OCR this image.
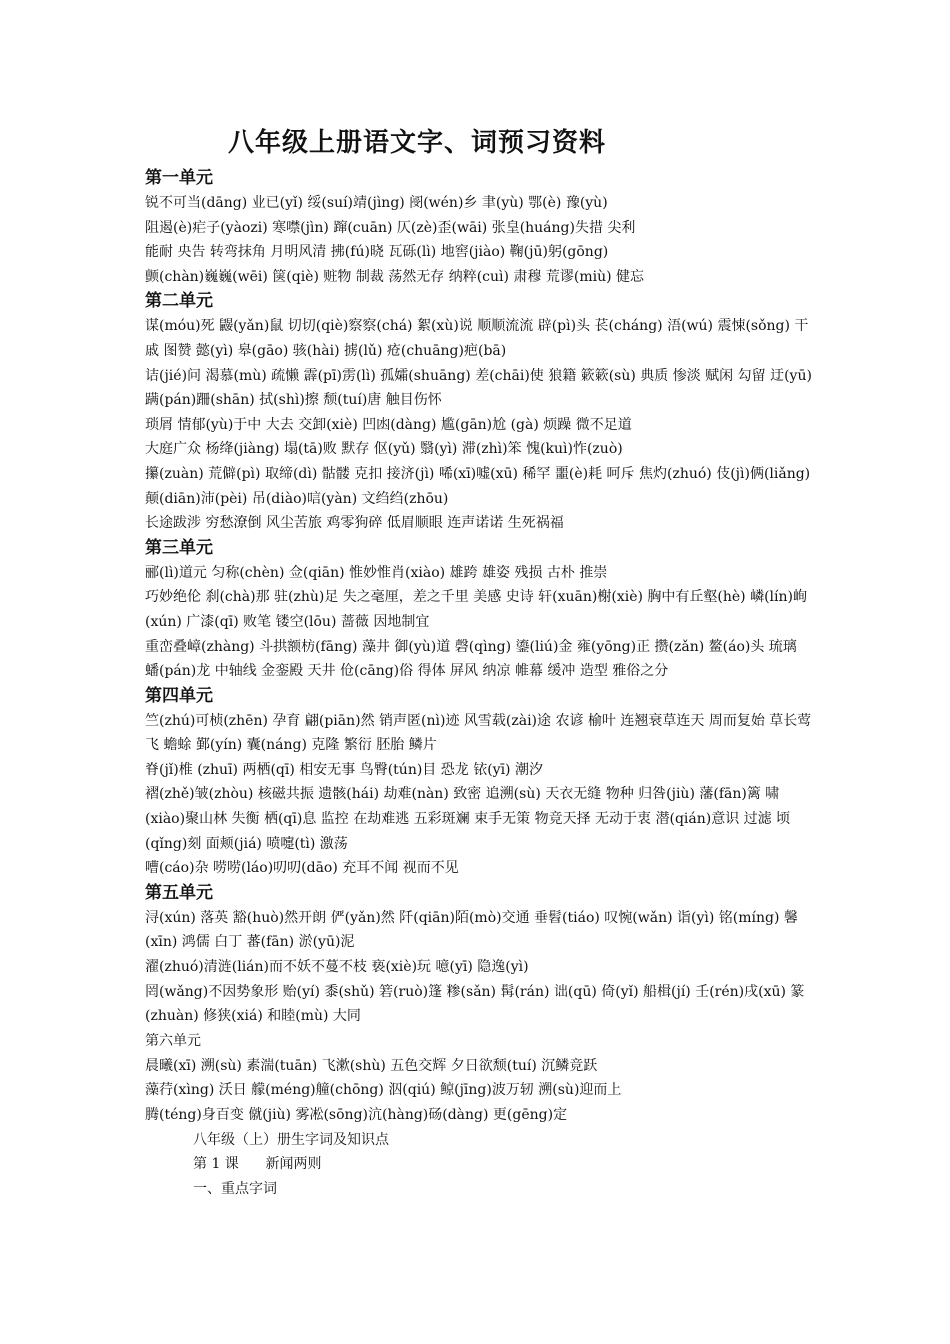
八年级上册语文字、词预习资料
第一单元
锐不可当(dāng) 业已(yǐ) 绥(suí)靖(jìng) 阌(wén)乡 聿(yù) 鄂(è) 豫(yù)
阻遏(è)疟子(yàozi) 寒噤(jìn) 蹿(cuān) 仄(zè)歪(wāi) 张皇(huáng)失措 尖利
能耐 央告 转弯抹角 月明风清 拂(fú)晓 瓦砾(lì) 地窖(jiào) 鞠(jū)躬(gōng)
颤(chàn)巍巍(wēi) 箧(qiè) 赃物 制裁 荡然无存 纳粹(cuì) 肃穆 荒谬(miù) 健忘
第二单元
谋(móu)死 鼹(yǎn)鼠 切切(qiè)察察(chá) 絮(xù)说 顺顺流流 辟(pì)头 苌(cháng) 浯(wú) 震悚(sǒng) 干戚 图赞 懿(yì) 皋(gāo) 骇(hài) 掳(lǔ) 疮(chuāng)疤(bā)
诘(jié)问 渴慕(mù) 疏懒 霹(pī)雳(lì) 孤孀(shuāng) 差(chāi)使 狼籍 簌簌(sù) 典质 惨淡 赋闲 勾留 迂(yū) 蹒(pán)跚(shān) 拭(shì)擦 颓(tuí)唐 触目伤怀
琐屑 情郁(yù)于中 大去 交卸(xiè) 凹凼(dàng) 尴(gān)尬 (gà) 烦躁 微不足道
大庭广众 杨绛(jiàng) 塌(tā)败 默存 伛(yǔ) 翳(yì) 滞(zhì)笨 愧(kuì)怍(zuò)
攥(zuàn) 荒僻(pì) 取缔(dì) 骷髅 克扣 接济(jì) 唏(xī)嘘(xū) 稀罕 噩(è)耗 呵斥 焦灼(zhuó) 伎(jì)俩(liǎng) 颠(diān)沛(pèi) 吊(diào)唁(yàn) 文绉绉(zhōu)
长途跋涉 穷愁潦倒 风尘苦旅 鸡零狗碎 低眉顺眼 连声诺诺 生死祸福
第三单元
郦(lì)道元 匀称(chèn) 佥(qiān) 惟妙惟肖(xiào) 雄跨 雄姿 残损 古朴 推崇
巧妙绝伦 刹(chà)那 驻(zhù)足 失之毫厘，差之千里 美感 史诗 轩(xuān)榭(xiè) 胸中有丘壑(hè) 嶙(lín)峋(xún) 广漆(qī) 败笔 镂空(lōu) 蔷薇 因地制宜
重峦叠嶂(zhàng) 斗拱额枋(fāng) 藻井 御(yù)道 磬(qìng) 鎏(liú)金 雍(yōng)正 攒(zǎn) 鳌(áo)头 琉璃 蟠(pán)龙 中轴线 金銮殿 天井 伧(cāng)俗 得体 屏风 纳凉 帷幕 缓冲 造型 雅俗之分
第四单元
竺(zhú)可桢(zhēn) 孕育 翩(piān)然 销声匿(nì)迹 风雪载(zài)途 农谚 榆叶 连翘衰草连天 周而复始 草长莺飞 蟾蜍 鄞(yín) 囊(náng) 克隆 繁衍 胚胎 鳞片
脊(jǐ)椎 (zhuī) 两栖(qī) 相安无事 鸟臀(tún)目 恐龙 铱(yī) 潮汐
褶(zhě)皱(zhòu) 核磁共振 遗骸(hái) 劫难(nàn) 致密 追溯(sù) 天衣无缝 物种 归咎(jiù) 藩(fān)篱 啸 (xiào)聚山林 失衡 栖(qī)息 监控 在劫难逃 五彩斑斓 束手无策 物竞天择 无动于衷 潜(qián)意识 过滤 顷(qǐng)刻 面颊(jiá) 喷嚏(tì) 激荡
嘈(cáo)杂 唠唠(láo)叨叨(dāo) 充耳不闻 视而不见
第五单元
浔(xún) 落英 豁(huò)然开朗 俨(yǎn)然 阡(qiān)陌(mò)交通 垂髫(tiáo) 叹惋(wǎn) 诣(yì) 铭(míng) 馨(xīn) 鸿儒 白丁 蕃(fān) 淤(yū)泥
濯(zhuó)清涟(lián)而不妖不蔓不枝 亵(xiè)玩 噫(yī) 隐逸(yì)
罔(wǎng)不因势象形 贻(yí) 黍(shǔ) 箬(ruò)篷 糁(sǎn) 髯(rán) 诎(qū) 倚(yǐ) 船楫(jí) 壬(rén)戌(xū) 篆(zhuàn) 修狭(xiá) 和睦(mù) 大同
第六单元
晨曦(xī) 溯(sù) 素湍(tuān) 飞漱(shù) 五色交辉 夕日欲颓(tuí) 沉鳞竞跃
藻荇(xìng) 沃日 艨(méng)艟(chōng) 泅(qiú) 鲸(jīng)波万轫 溯(sù)迎而上
腾(téng)身百变 僦(jiù) 雾凇(sōng)沆(hàng)砀(dàng) 更(gēng)定
八年级（上）册生字词及知识点
第 1 课      新闻两则
一、重点字词
